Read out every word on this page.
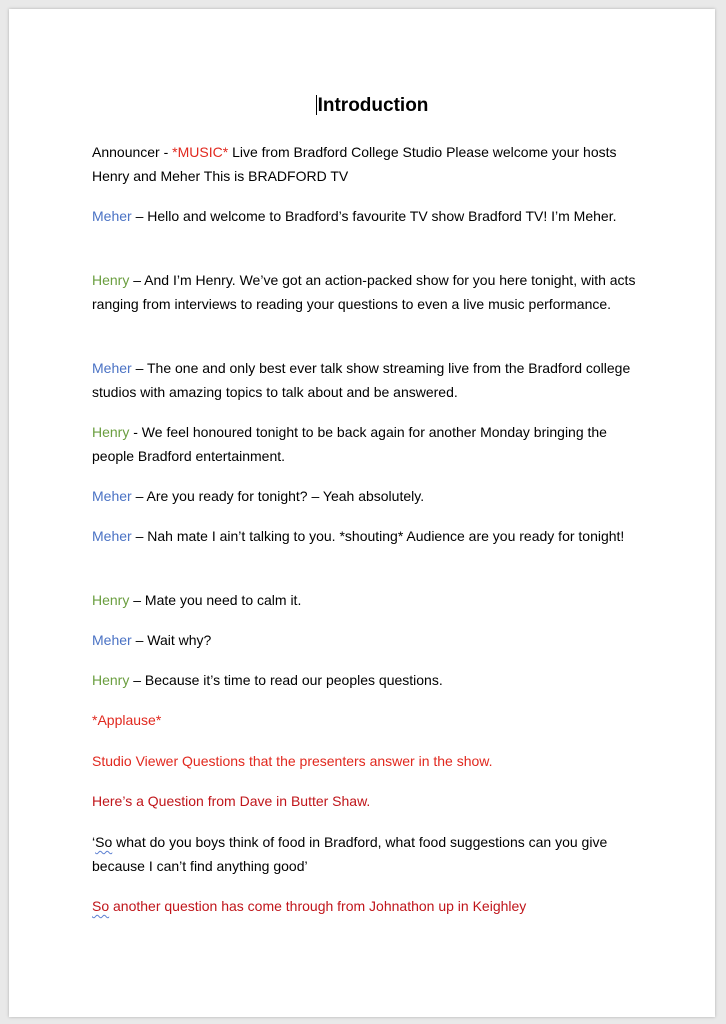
Introduction

Announcer - *MUSIC* Live from Bradford College Studio Please welcome your hosts Henry and Meher This is BRADFORD TV

Meher – Hello and welcome to Bradford’s favourite TV show Bradford TV! I’m Meher.

Henry – And I’m Henry. We’ve got an action-packed show for you here tonight, with acts ranging from interviews to reading your questions to even a live music performance.

Meher – The one and only best ever talk show streaming live from the Bradford college studios with amazing topics to talk about and be answered.

Henry - We feel honoured tonight to be back again for another Monday bringing the people Bradford entertainment.

Meher – Are you ready for tonight? – Yeah absolutely.

Meher – Nah mate I ain’t talking to you. *shouting* Audience are you ready for tonight!

Henry – Mate you need to calm it.

Meher – Wait why?

Henry – Because it’s time to read our peoples questions.

*Applause*

Studio Viewer Questions that the presenters answer in the show.

Here’s a Question from Dave in Butter Shaw.

‘So what do you boys think of food in Bradford, what food suggestions can you give because I can’t find anything good’

So another question has come through from Johnathon up in Keighley
